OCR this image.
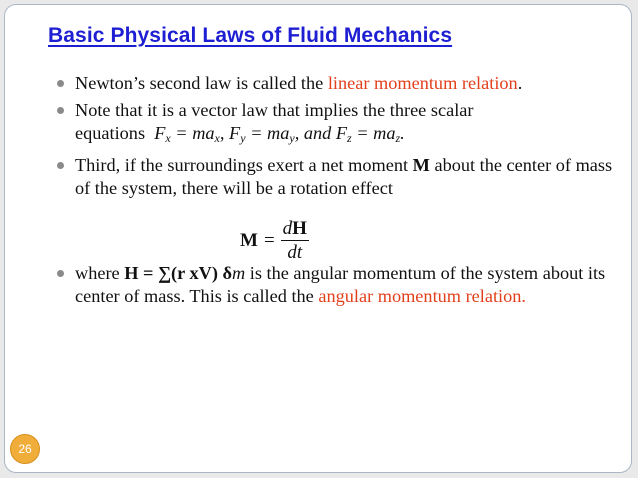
Basic Physical Laws of Fluid Mechanics
Newton’s second law is called the linear momentum relation.
Note that it is a vector law that implies the three scalar
equations $F_x = ma_x$, $F_y = ma_y$, and $F_z = ma_z$.
Third, if the surroundings exert a net moment M about the center of mass of the system, there will be a rotation effect
where H = ∑(r xV) δm is the angular momentum of the system about its center of mass. This is called the angular momentum relation.
$M = \frac{dH}{dt}$
26
